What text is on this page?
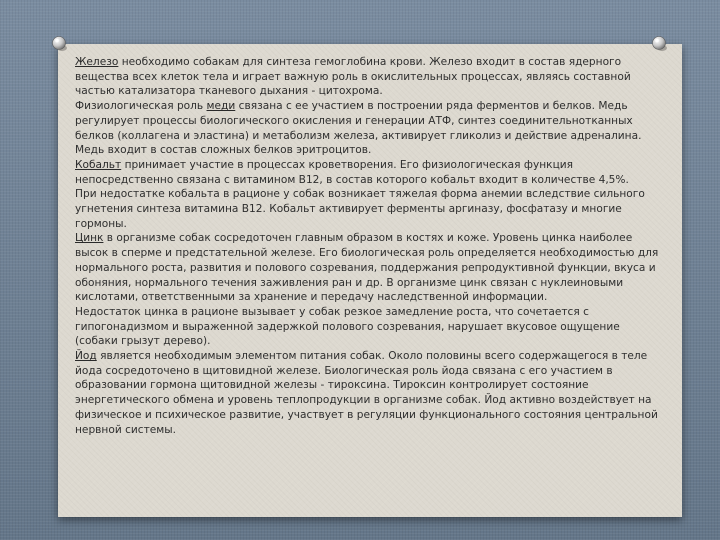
Железо необходимо собакам для синтеза гемоглобина крови. Железо входит в состав ядерного вещества всех клеток тела и играет важную роль в окислительных процессах, являясь составной частью катализатора тканевого дыхания - цитохрома.

Физиологическая роль меди связана с ее участием в построении ряда ферментов и белков. Медь регулирует процессы биологического окисления и генерации АТФ, синтез соединительнотканных белков (коллагена и эластина) и метаболизм железа, активирует гликолиз и действие адреналина. Медь входит в состав сложных белков эритроцитов.

Кобальт принимает участие в процессах кроветворения. Его физиологическая функция непосредственно связана с витамином B12, в состав которого кобальт входит в количестве 4,5%.

При недостатке кобальта в рационе у собак возникает тяжелая форма анемии вследствие сильного угнетения синтеза витамина B12. Кобальт активирует ферменты аргиназу, фосфатазу и многие гормоны.

Цинк в организме собак сосредоточен главным образом в костях и коже. Уровень цинка наиболее высок в сперме и предстательной железе. Его биологическая роль определяется необходимостью для нормального роста, развития и полового созревания, поддержания репродуктивной функции, вкуса и обоняния, нормального течения заживления ран и др. В организме цинк связан с нуклеиновыми кислотами, ответственными за хранение и передачу наследственной информации.

Недостаток цинка в рационе вызывает у собак резкое замедление роста, что сочетается с гипогонадизмом и выраженной задержкой полового созревания, нарушает вкусовое ощущение (собаки грызут дерево).

Йод является необходимым элементом питания собак. Около половины всего содержащегося в теле йода сосредоточено в щитовидной железе. Биологическая роль йода связана с его участием в образовании гормона щитовидной железы - тироксина. Тироксин контролирует состояние энергетического обмена и уровень теплопродукции в организме собак. Йод активно воздействует на физическое и психическое развитие, участвует в регуляции функционального состояния центральной нервной системы.
